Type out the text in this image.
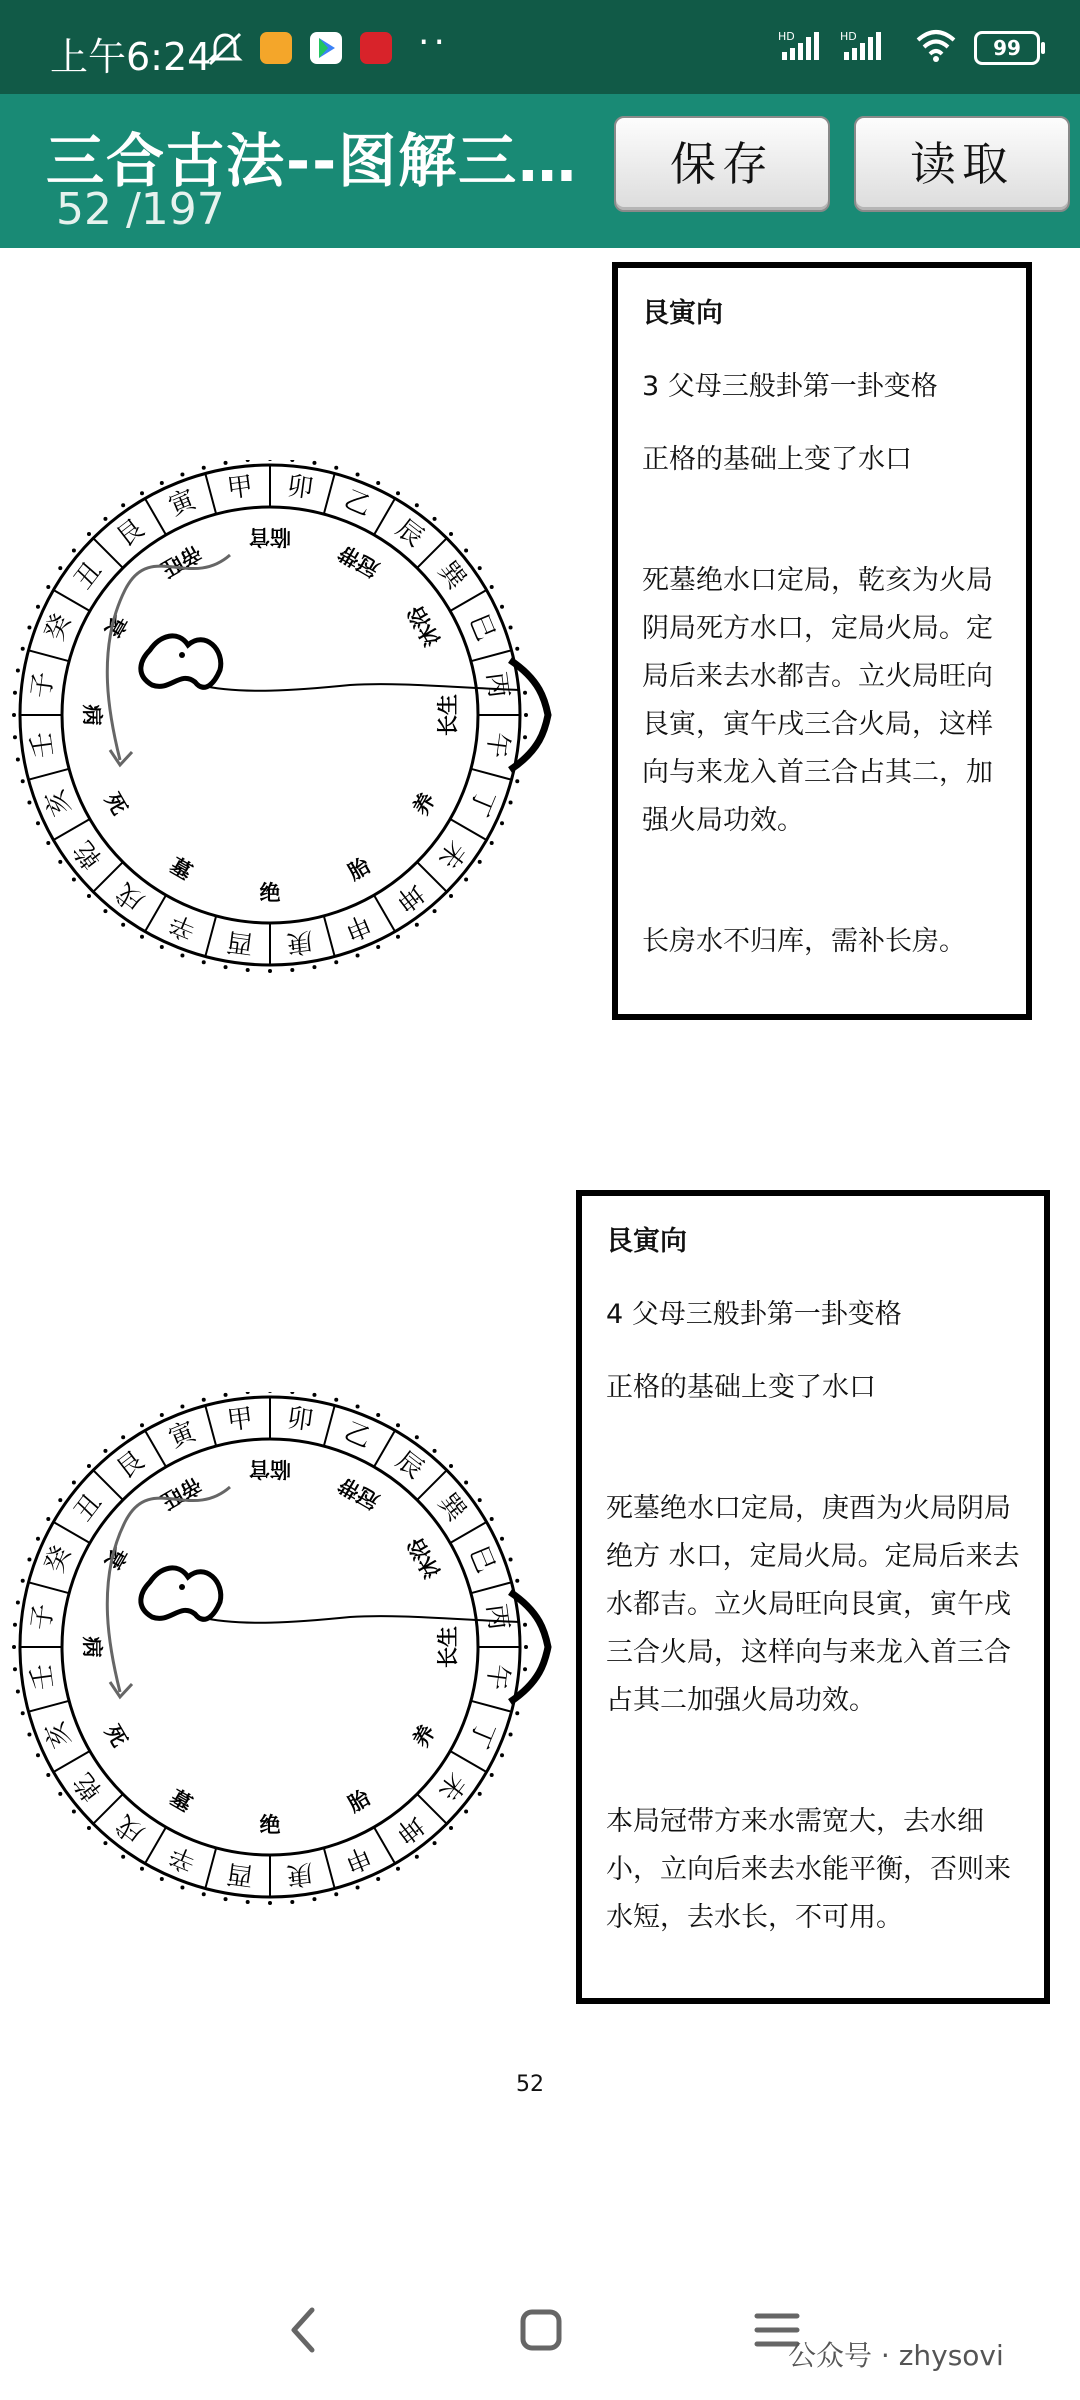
上午6:24	··	HD	HD	99
三合古法--图解三…
52 /197
保存	读取
丙
午
丁
未
坤
申
庚
酉
辛
戌
乾
亥
壬
子
癸
丑
艮
寅 甲 卯 乙
辰
巽
巳
长生
养
胎
绝
墓
死
病
衰
帝旺
临官
冠带
沐浴
艮寅向
3 父母三般卦第一卦变格
正格的基础上变了水口
死墓绝水口定局，乾亥为火局阴局死方水口，定局火局。定局后来去水都吉。立火局旺向艮寅，寅午戌三合火局，这样向与来龙入首三合占其二，加强火局功效。
长房水不归库，需补长房。
丙
午
丁
未
坤
申
庚
酉
辛
戌
乾
亥
壬
子
癸
丑
艮
寅 甲 卯 乙
辰
巽
巳
长生
养
胎
绝
墓
死
病
衰
帝旺
临官
冠带
沐浴
艮寅向
4 父母三般卦第一卦变格
正格的基础上变了水口
死墓绝水口定局，庚酉为火局阴局绝方 水口，定局火局。定局后来去水都吉。立火局旺向艮寅，寅午戌三合火局，这样向与来龙入首三合占其二加强火局功效。
本局冠带方来水需宽大，去水细小，立向后来去水能平衡，否则来水短，去水长，不可用。
52
公众号 · zhysovi
